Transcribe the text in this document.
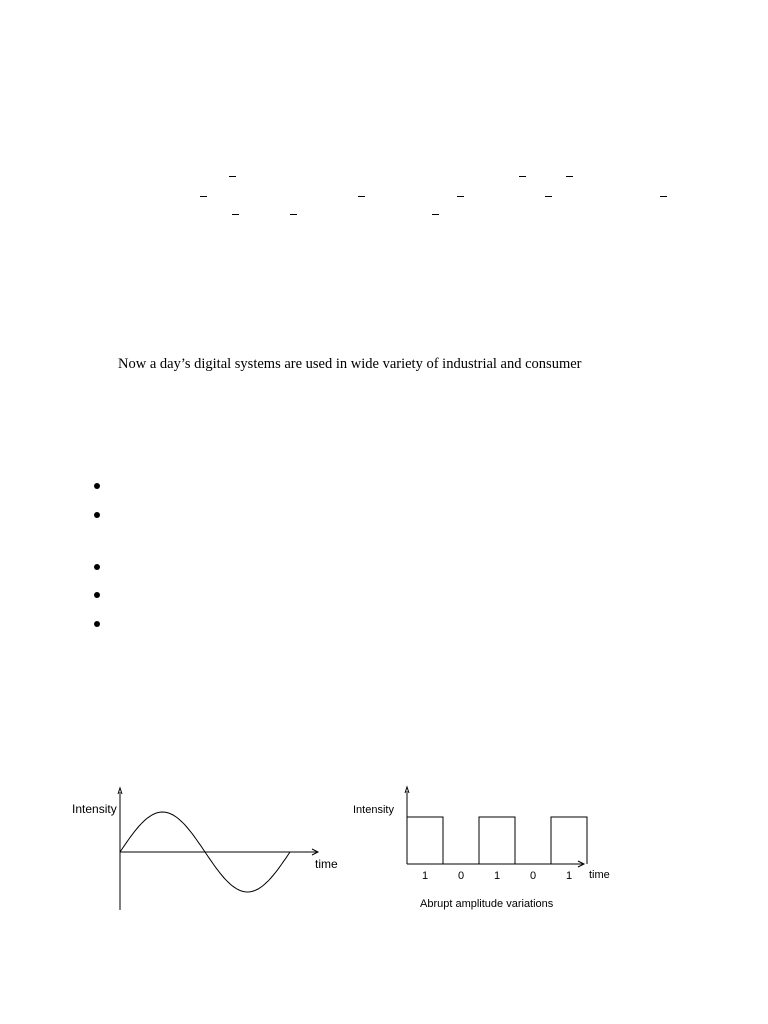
Now a day’s digital systems are used in wide variety of industrial and consumer
Intensity
time
Intensity
1	0	1	0	1 time
Abrupt amplitude variations
